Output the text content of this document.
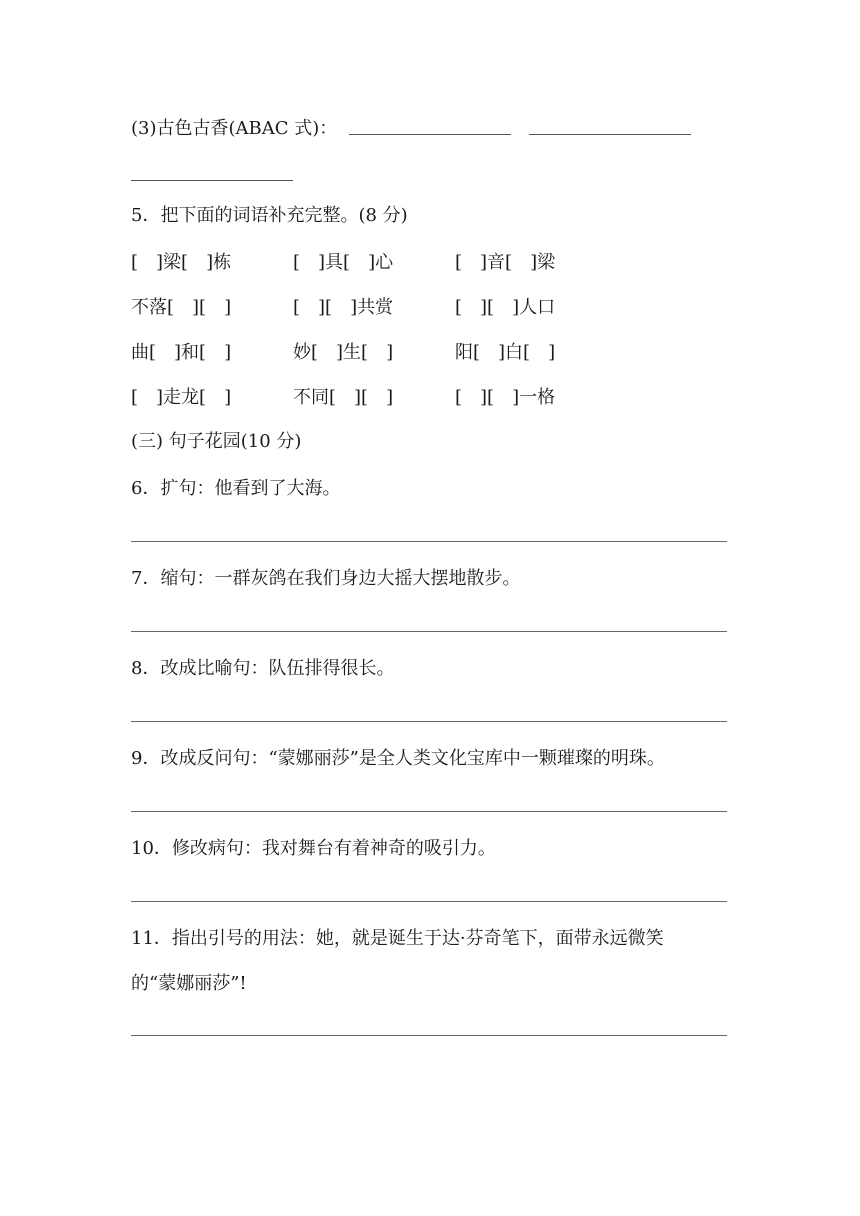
(3)古色古香(ABAC 式)：
5．把下面的词语补充完整。(8 分)
[　]梁[　]栋	[　]具[　]心	[　]音[　]梁
不落[　][　]	[　][　]共赏	[　][　]人口
曲[　]和[　]	妙[　]生[　]	阳[　]白[　]
[　]走龙[　]	不同[　][　]	[　][　]一格
(三) 句子花园(10 分)
6．扩句：他看到了大海。
7．缩句：一群灰鸽在我们身边大摇大摆地散步。
8．改成比喻句：队伍排得很长。
9．改成反问句：“蒙娜丽莎”是全人类文化宝库中一颗璀璨的明珠。
10．修改病句：我对舞台有着神奇的吸引力。
11．指出引号的用法：她，就是诞生于达·芬奇笔下，面带永远微笑
的“蒙娜丽莎”!
